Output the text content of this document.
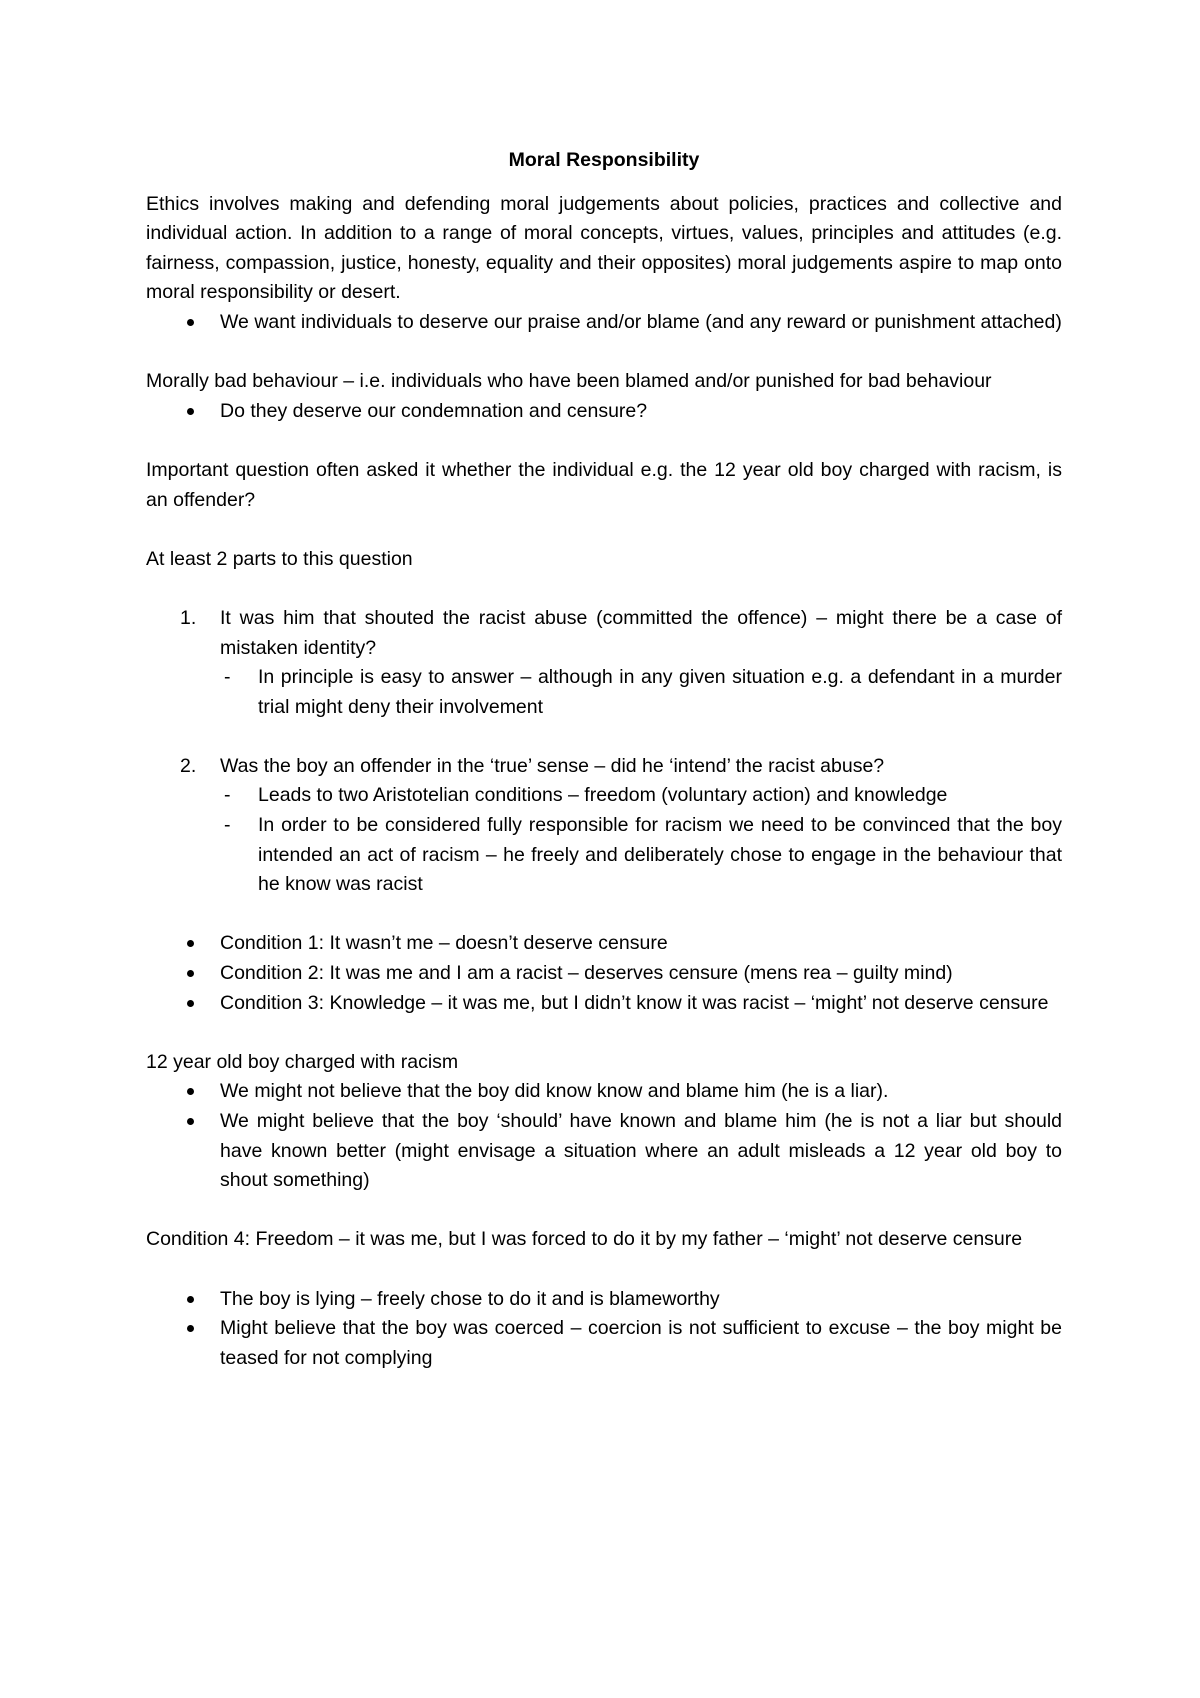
Moral Responsibility

Ethics involves making and defending moral judgements about policies, practices and collective and individual action. In addition to a range of moral concepts, virtues, values, principles and attitudes (e.g. fairness, compassion, justice, honesty, equality and their opposites) moral judgements aspire to map onto moral responsibility or desert.

We want individuals to deserve our praise and/or blame (and any reward or punishment attached)

Morally bad behaviour – i.e. individuals who have been blamed and/or punished for bad behaviour

Do they deserve our condemnation and censure?

Important question often asked it whether the individual e.g. the 12 year old boy charged with racism, is an offender?

At least 2 parts to this question

1. It was him that shouted the racist abuse (committed the offence) – might there be a case of mistaken identity?
- In principle is easy to answer – although in any given situation e.g. a defendant in a murder trial might deny their involvement
2. Was the boy an offender in the ‘true’ sense – did he ‘intend’ the racist abuse?
- Leads to two Aristotelian conditions – freedom (voluntary action) and knowledge
- In order to be considered fully responsible for racism we need to be convinced that the boy intended an act of racism – he freely and deliberately chose to engage in the behaviour that he know was racist
Condition 1: It wasn’t me – doesn’t deserve censure
Condition 2: It was me and I am a racist – deserves censure (mens rea – guilty mind)
Condition 3: Knowledge – it was me, but I didn’t know it was racist – ‘might’ not deserve censure

12 year old boy charged with racism

We might not believe that the boy did know know and blame him (he is a liar).
We might believe that the boy ‘should’ have known and blame him (he is not a liar but should have known better (might envisage a situation where an adult misleads a 12 year old boy to shout something)

Condition 4: Freedom – it was me, but I was forced to do it by my father – ‘might’ not deserve censure

The boy is lying – freely chose to do it and is blameworthy
Might believe that the boy was coerced – coercion is not sufficient to excuse – the boy might be teased for not complying
